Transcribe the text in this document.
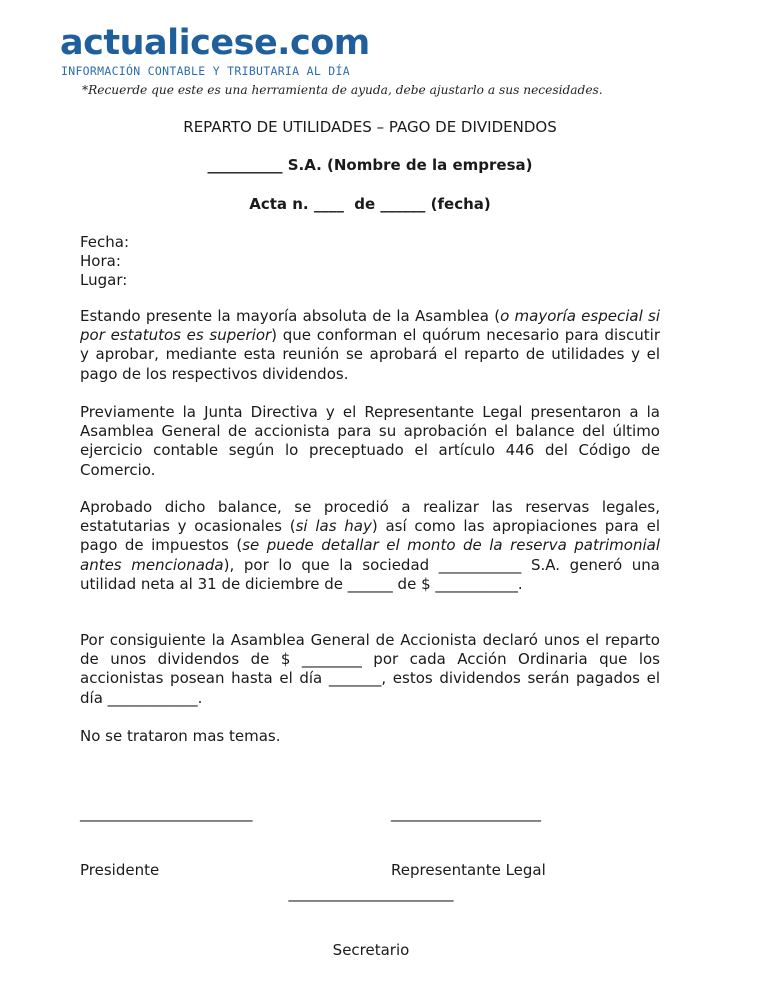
actualicese.com
INFORMACIÓN CONTABLE Y TRIBUTARIA AL DÍA
*Recuerde que este es una herramienta de ayuda, debe ajustarlo a sus necesidades.
REPARTO DE UTILIDADES – PAGO DE DIVIDENDOS
__________ S.A. (Nombre de la empresa)
Acta n. ____  de ______ (fecha)
Fecha:
Hora:
Lugar:

Estando presente la mayoría absoluta de la Asamblea (o mayoría especial si por estatutos es superior) que conforman el quórum necesario para discutir y aprobar, mediante esta reunión se aprobará el reparto de utilidades y el pago de los respectivos dividendos.

Previamente la Junta Directiva y el Representante Legal presentaron a la Asamblea General de accionista para su aprobación el balance del último ejercicio contable según lo preceptuado el artículo 446 del Código de Comercio.

Aprobado dicho balance, se procedió a realizar las reservas legales, estatutarias y ocasionales (si las hay) así como las apropiaciones para el pago de impuestos (se puede detallar el monto de la reserva patrimonial antes mencionada), por lo que la sociedad ___________ S.A. generó una utilidad neta al 31 de diciembre de ______ de $ ___________.

Por consiguiente la Asamblea General de Accionista declaró unos el reparto de unos dividendos de $ ________ por cada Acción Ordinaria que los accionistas posean hasta el día _______, estos dividendos serán pagados el día ____________.

No se trataron mas temas.

_______________________

Presidente

____________________

Representante Legal

______________________

Secretario
